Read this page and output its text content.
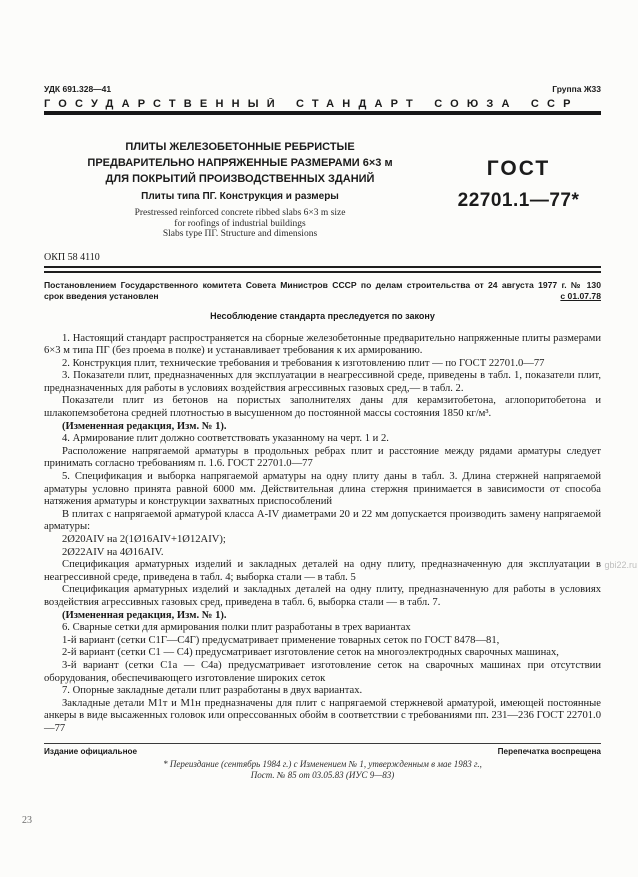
УДК 691.328—41	Группа Ж33
ГОСУДАРСТВЕННЫЙ СТАНДАРТ СОЮЗА ССР
ПЛИТЫ ЖЕЛЕЗОБЕТОННЫЕ РЕБРИСТЫЕ
ПРЕДВАРИТЕЛЬНО НАПРЯЖЕННЫЕ РАЗМЕРАМИ 6×3 м
ДЛЯ ПОКРЫТИЙ ПРОИЗВОДСТВЕННЫХ ЗДАНИЙ
Плиты типа ПГ. Конструкция и размеры
Prestressed reinforced concrete ribbed slabs 6×3 m size
for roofings of industrial buildings
Slabs type ПГ. Structure and dimensions
ГОСТ
22701.1—77*
ОКП 58 4110
Постановлением Государственного комитета Совета Министров СССР по делам строительства от 24 августа 1977 г. № 130
срок введения установлен	с 01.07.78
Несоблюдение стандарта преследуется по закону

1. Настоящий стандарт распространяется на сборные железобетонные предварительно напряженные плиты размерами 6×3 м типа ПГ (без проема в полке) и устанавливает требования к их армированию.

2. Конструкция плит, технические требования и требования к изготовлению плит — по ГОСТ 22701.0—77

3. Показатели плит, предназначенных для эксплуатации в неагрессивной среде, приведены в табл. 1, показатели плит, предназначенных для работы в условиях воздействия агрессивных газовых сред,— в табл. 2.

Показатели плит из бетонов на пористых заполнителях даны для керамзитобетона, аглопоритобетона и шлакопемзобетона средней плотностью в высушенном до постоянной массы состояния 1850 кг/м³.

(Измененная редакция, Изм. № 1).

4. Армирование плит должно соответствовать указанному на черт. 1 и 2.

Расположение напрягаемой арматуры в продольных ребрах плит и расстояние между рядами арматуры следует принимать согласно требованиям п. 1.6. ГОСТ 22701.0—77

5. Спецификация и выборка напрягаемой арматуры на одну плиту даны в табл. 3. Длина стержней напрягаемой арматуры условно принята равной 6000 мм. Действительная длина стержня принимается в зависимости от способа натяжения арматуры и конструкции захватных приспособлений

В плитах с напрягаемой арматурой класса А-IV диаметрами 20 и 22 мм допускается производить замену напрягаемой арматуры:

2Ø20АIV на 2(1Ø16АIV+1Ø12АIV);

2Ø22АIV на 4Ø16АIV.

Спецификация арматурных изделий и закладных деталей на одну плиту, предназначенную для эксплуатации в неагрессивной среде, приведена в табл. 4; выборка стали — в табл. 5

Спецификация арматурных изделий и закладных деталей на одну плиту, предназначенную для работы в условиях воздействия агрессивных газовых сред, приведена в табл. 6, выборка стали — в табл. 7.

(Измененная редакция, Изм. № 1).

6. Сварные сетки для армирования полки плит разработаны в трех вариантах

1-й вариант (сетки С1Г—С4Г) предусматривает применение товарных сеток по ГОСТ 8478—81,

2-й вариант (сетки С1 — С4) предусматривает изготовление сеток на многоэлектродных сварочных машинах,

3-й вариант (сетки С1а — С4а) предусматривает изготовление сеток на сварочных машинах при отсутствии оборудования, обеспечивающего изготовление широких сеток

7. Опорные закладные детали плит разработаны в двух вариантах.

Закладные детали М1т и М1н предназначены для плит с напрягаемой стержневой арматурой, имеющей постоянные анкеры в виде высаженных головок или опрессованных обойм в соответствии с требованиями пп. 231—236 ГОСТ 22701.0—77

Издание официальное	Перепечатка воспрещена
* Переиздание (сентябрь 1984 г.) с Изменением № 1, утвержденным в мае 1983 г.,
Пост. № 85 от 03.05.83 (ИУС 9—83)
23
gbi22.ru
